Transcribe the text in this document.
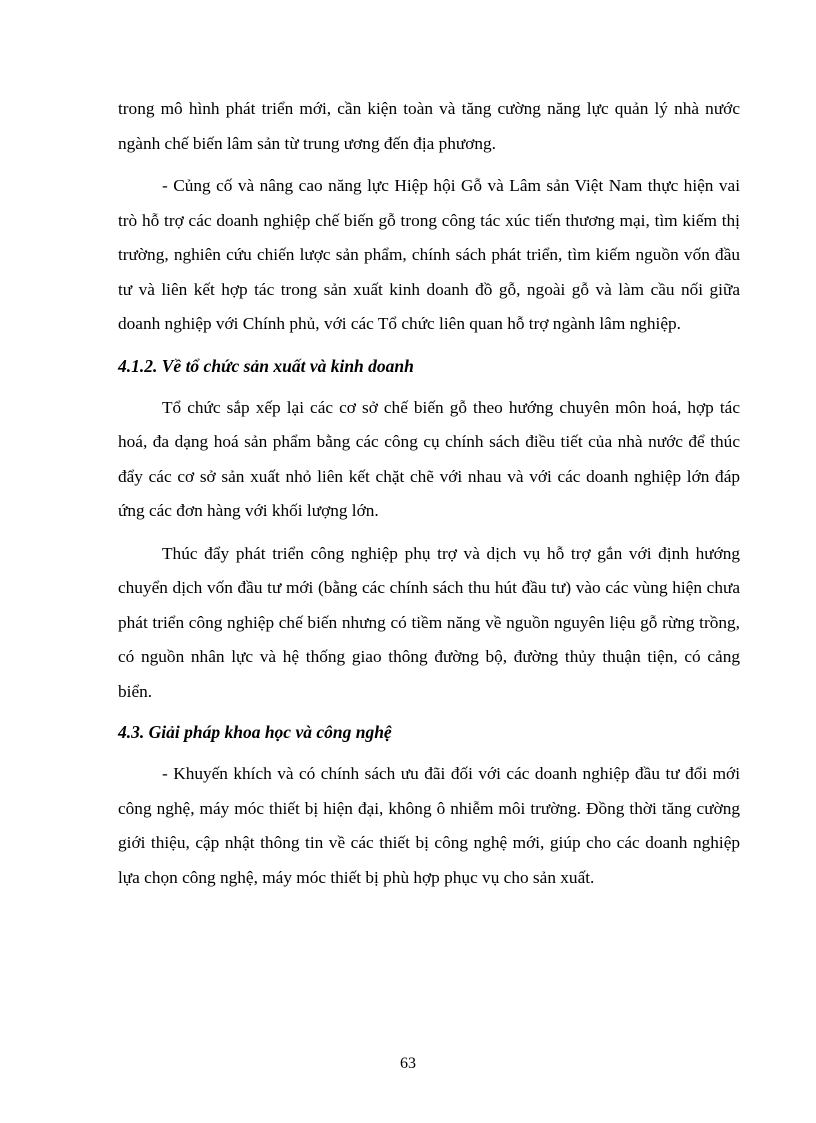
trong mô hình phát triển mới, cần kiện toàn và tăng cường năng lực quản lý nhà nước ngành chế biến lâm sản từ trung ương đến địa phương.

- Củng cố và nâng cao năng lực Hiệp hội Gỗ và Lâm sản Việt Nam thực hiện vai trò hỗ trợ các doanh nghiệp chế biến gỗ trong công tác xúc tiến thương mại, tìm kiếm thị trường, nghiên cứu chiến lược sản phẩm, chính sách phát triển, tìm kiếm nguồn vốn đầu tư và liên kết hợp tác trong sản xuất kinh doanh đồ gỗ, ngoài gỗ và làm cầu nối giữa doanh nghiệp với Chính phủ, với các Tổ chức liên quan hỗ trợ ngành lâm nghiệp.

4.1.2. Về tổ chức sản xuất và kinh doanh

Tổ chức sắp xếp lại các cơ sở chế biến gỗ theo hướng chuyên môn hoá, hợp tác hoá, đa dạng hoá sản phẩm bằng các công cụ chính sách điều tiết của nhà nước để thúc đẩy các cơ sở sản xuất nhỏ liên kết chặt chẽ với nhau và với các doanh nghiệp lớn đáp ứng các đơn hàng với khối lượng lớn.

Thúc đẩy phát triển công nghiệp phụ trợ và dịch vụ hỗ trợ gắn với định hướng chuyển dịch vốn đầu tư mới (bằng các chính sách thu hút đầu tư) vào các vùng hiện chưa phát triển công nghiệp chế biến nhưng có tiềm năng về nguồn nguyên liệu gỗ rừng trồng, có nguồn nhân lực và hệ thống giao thông đường bộ, đường thủy thuận tiện, có cảng biển.

4.3. Giải pháp khoa học và công nghệ

- Khuyến khích và có chính sách ưu đãi đối với các doanh nghiệp đầu tư đổi mới công nghệ, máy móc thiết bị hiện đại, không ô nhiễm môi trường. Đồng thời tăng cường giới thiệu, cập nhật thông tin về các thiết bị công nghệ mới, giúp cho các doanh nghiệp lựa chọn công nghệ, máy móc thiết bị phù hợp phục vụ cho sản xuất.

63
